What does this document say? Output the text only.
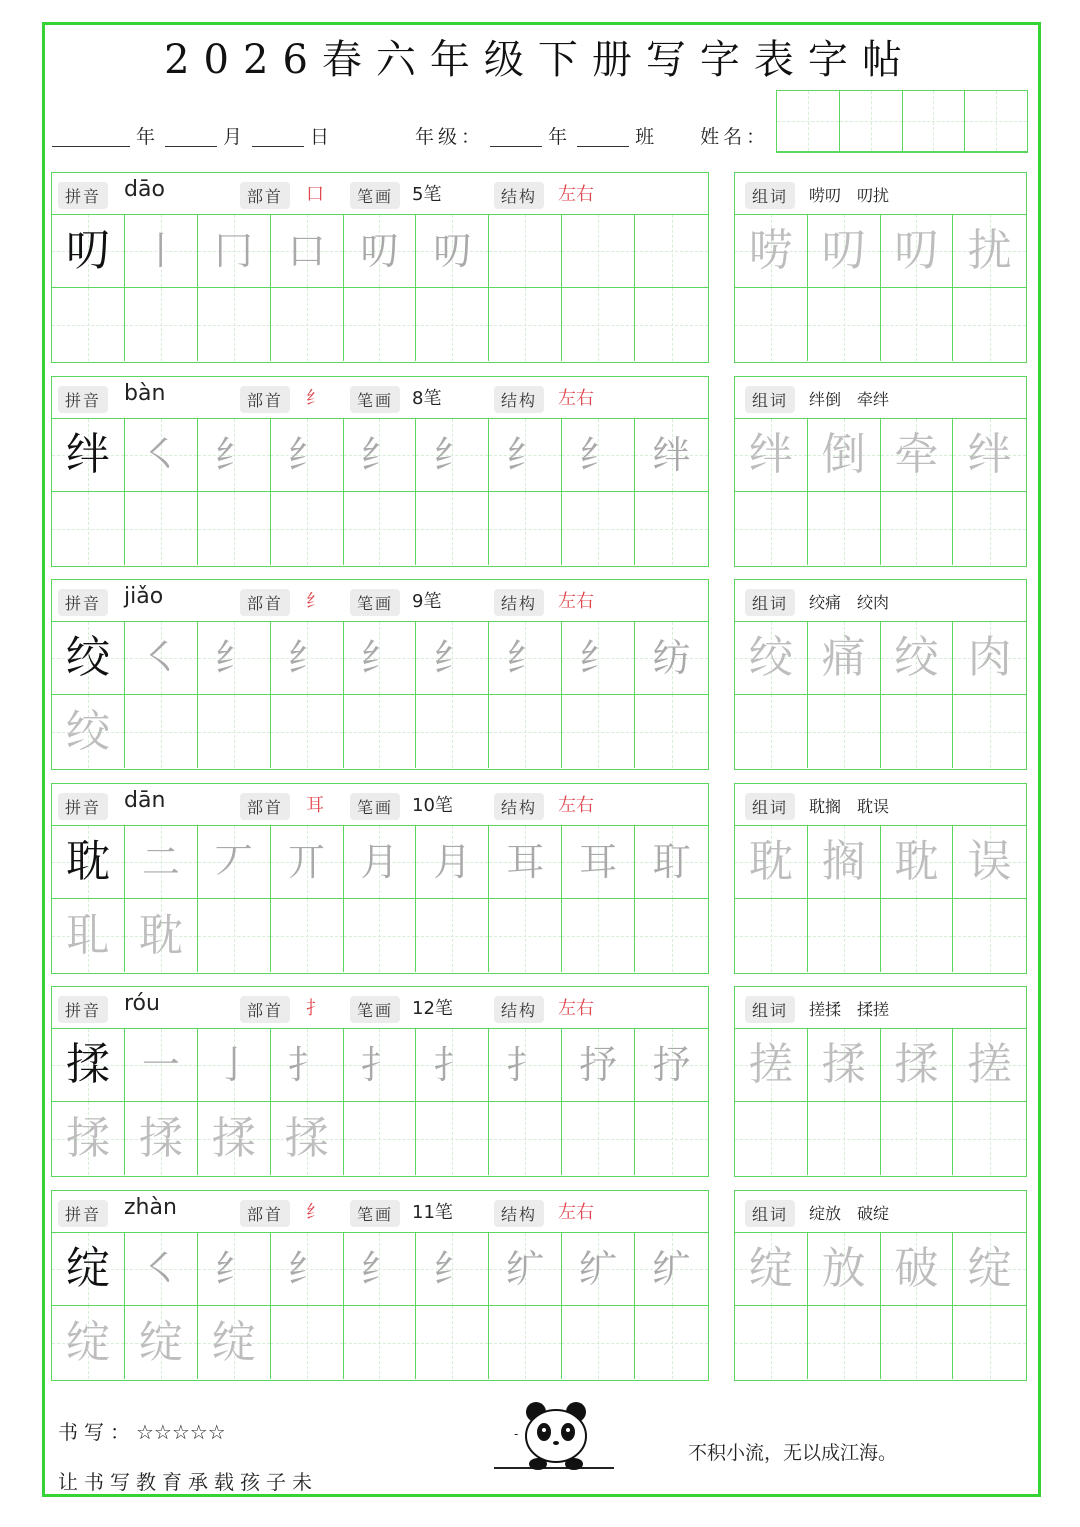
2026春六年级下册写字表字帖
年	月	日	年级：	年	班 姓名：
拼音	dāo	部首	口	笔画	5笔	结构	左右
叨 丨 冂 口 叨 叨
组词	唠叨　叨扰
唠 叨 叨 扰
拼音	bàn	部首	纟	笔画	8笔	结构	左右
绊 ㇛ 纟 纟 纟 纟 纟 纟 绊
组词	绊倒　牵绊
绊 倒 牵 绊
拼音	jiǎo	部首	纟	笔画	9笔	结构	左右
绞 ㇛ 纟 纟 纟 纟 纟 纟 纺
绞
组词	绞痛　绞肉
绞 痛 绞 肉
拼音	dān	部首	耳	笔画	10笔	结构	左右
耽 二 丆 丌 月 月 耳 耳 耵
耴 耽
组词	耽搁　耽误
耽 搁 耽 误
拼音	róu	部首	扌	笔画	12笔	结构	左右
揉 一 亅 扌 扌 扌 扌 抒 抒
揉 揉 揉 揉
组词	搓揉　揉搓
搓 揉 揉 搓
拼音	zhàn	部首	纟	笔画	11笔	结构	左右
绽 ㇛ 纟 纟 纟 纟 纩 纩 纩
绽 绽 绽
组词	绽放　破绽
绽 放 破 绽
书写：☆☆☆☆☆
让书写教育承载孩子未
-
不积小流，无以成江海。
